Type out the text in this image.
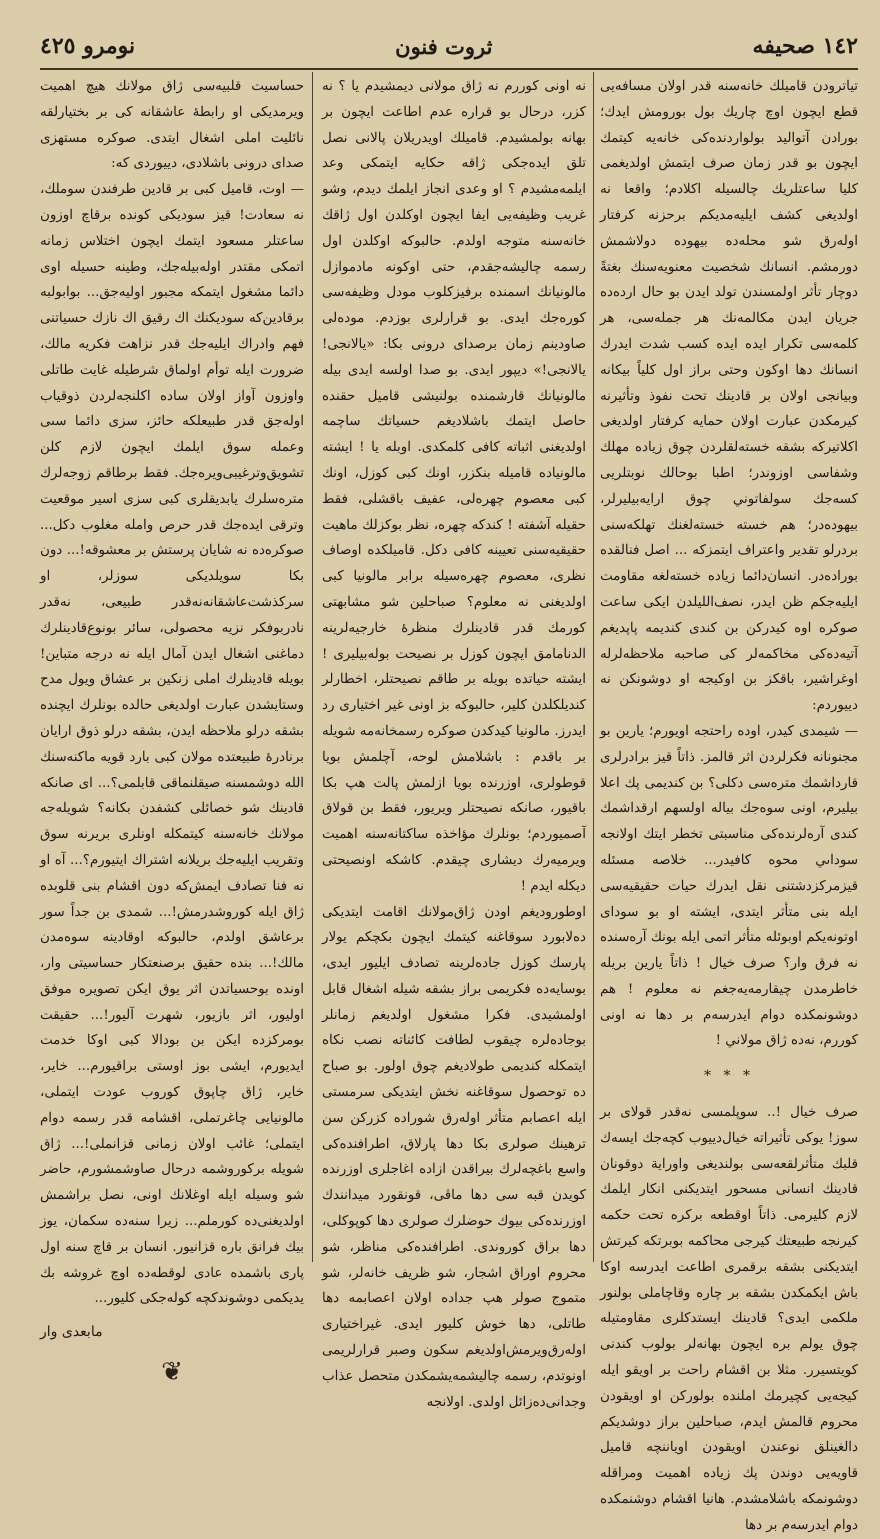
نومرو ٤٢٥	ثروت فنون	١٤٢ صحيفه

تياترودن قاميلك خانه‌سنه قدر اولان مسافه‌يى قطع ايچون اوچ چاريك بول بورومش ايدك؛ بورادن آتواليد بولواردنده‌كى خانه‌يه كيتمك ايچون بو قدر زمان صرف ايتمش اولديغمى كليا ساعتلريك چالسيله اكلادم؛ واقعا نه اولديغى كشف ايليه‌مديكم برحزنه كرفتار اولەرق شو محله‌ده بيهوده دولاشمش دورمشم. انسانك شخصيت معنويه‌سنك بغتةً دوچار تأثر اولمسندن تولد ايدن بو حال ارده‌ده جريان ايدن مكالمه‌نك هر جمله‌سى، هر كلمه‌سى تكرار ايده ايده كسب شدت ايدرك انسانك دها اوكون وحتى براز اول كلياً بيكانه وبيانجى اولان بر قادينك تحت نفوذ وتأثيرنه كيرمكدن عبارت اولان حمايه كرفتار اولديغى اكلاتيرکه بشقه خسته‌لقلردن چوق زياده مهلك وشفاسى اوزوندر؛ اطبا بوحالك نوبتلريى كسه‌جك سولفاتوني چوق ارايه‌بيليرلر، بيهوده‌در؛ هم خسته خسته‌لغنك تهلكه‌سنى بردرلو تقدير واعتراف ايتمزكه ... اصل فنالقده بوراده‌در. انسان‌دائما زياده خسته‌لغه مقاومت ايليه‌جكم ظن ايدر، نصف‌الليلدن ايكى ساعت صوكره اوه كيدركن بن كندى كنديمه پاپديغم آتيه‌ده‌كى مخاكمه‌لر كى صاحبه ملاحظه‌لرله اوغراشير، باقكز بن اوكيجه او دوشونكن نه دييوردم:

— شيمدى كيدر، اوده راحتجه اويورم؛ يارين بو مجنونانه فكرلردن اثر قالمز. ذاتاً قيز برادرلرى قارداشمك مترەسى دكلى؟ بن كنديمى پك اعلا بيليرم، اونى سوه‌جك بياله اولسهم ارقداشمك كندى آرەلرنده‌كى مناسبتى تخطر ايتك اولانجه سوداىي محوه كافيدر... خلاصه مسئله قيزمركزدشتنى نقل ايدرك حيات حقيقيه‌سى ايله بنى متأثر ايتدى، ايشته او بو سوداى اوتونه‌يكم اوبوئله متأثر اتمى ايله بونك آرەسنده نه فرق وار؟ صرف خيال ! ذاتاً يارين بريله خاطرمدن چيقارمه‌يه‌جغم نه معلوم ! هم دوشونمكده دوام ايدرسه‌م بر دها نه اونى كوررم، نه‌ده ژاق مولاني !

* * *

صرف خيال !.. سوپلمسى نه‌قدر قولاى بر سوز! يوكى تأثيراته خيال‌دييوب كچه‌جك ايسه‌ك قلبك متأثرلقعه‌سى بولنديغى واوراية دوقونان قادينك انسانى مسحور ايتديكنى انكار ايلمك لازم كليرمى. ذاتاً اوقطعه بركره تحت حكمه كيرنجه طبيعتك كيرجى محاكمه بوبرتكه كيرتش ايتديكنى بشقه برقمرى اطاعت ايدرسه اوكا باش ايكمكدن بشقه بر چاره وقاچاملى بولنور ملكمى ايدى؟ قادينك ايستدكلرى مقاومتيله چوق يولم بره ايچون بهانه‌لر بولوب كندنى كويتسيرر. مثلا بن اقشام راحت بر اويقو ايله كيجه‌يى كچيرمك املنده بولوركن او اويقودن محروم قالمش ايدم، صباحلين براز دوشديكم دالغينلق نوعندن اويقودن اوياننچه قاميل قاويەيى دوندن پك زياده اهميت ومراقله دوشونمكه باشلامشدم. هانيا اقشام دوشنمكده دوام ايدرسه‌م بر دها

نه اونى كوررم نه ژاق مولانى ديمشيدم يا ؟ نه كزر، درحال بو قراره عدم اطاعت ايچون بر بهانه بولمشيدم. قاميلك اويدريلان پالانى نصل تلق ايده‌جكى ژاقه حكايه ايتمكى وعد ايلمه‌مشيدم ؟ او وعدى انجاز ايلمك ديدم، وشو غريب وظيفه‌يى ايفا ايچون اوكلدن اول ژاقك خانه‌سنه متوجه اولدم. حالبوكه اوكلدن اول رسمه چاليشه‌جقدم، حتى اوكونه مادموازل مالونيانك اسمنده برفيزكلوب مودل وظيفه‌سى كوره‌جك ايدى. بو قرارلرى بوزدم. مودە‌لى صاودينم زمان برصداى درونى بكا: «يالانجى! يالانجى!» ديپور ايدى. بو صدا اولسه ايدى بيله مالونيانك قارشمنده بولنيشى قاميل حقنده حاصل ايتمك باشلاديغم حسياتك ساچمه اولديغنى اثباته كافى كلمكدى. اوبله يا ! ايشته مالونياده قاميله بنكزر، اونك كبى كوزل، اونك كبى معصوم چهره‌لى، عفيف باقشلى، فقط حقيله آشفته ! كندكه چهره، نظر بوكزلك ماهيت حقيقيه‌سنى تعيينه كافى دكل. قاميلكده اوصاف نظرى، معصوم چهره‌سيله برابر مالونيا كبى اولديغنى نه معلوم؟ صباحلين شو مشابهتى كورمك قدر قادينلرك منظرۀ خارجيه‌لرينه الدنامامق ايچون كوزل بر نصيحت بوله‌بيليرى ! ايشته حياتده بويله بر طاقم نصيحتلر، اخطارلر كنديلكلدن كلير، حالبوكه بز اونى غير اختيارى رد ايدرز. مالونيا كيدكدن صوكره رسمخانه‌مه شويله بر باقدم : باشلامش لوحه، آچلمش بويا قوطولرى، اوزرنده بويا ازلمش پالت هپ بكا باقيور، صانكه نصيحتلر ويريور، فقط بن قولاق آصميوردم؛ بونلرك مؤاخذه ساكتانه‌سنه اهميت ويرميه‌رك ديشارى چيقدم. كاشكه اونصيحتى ديكله‌ ايدم !

اوطوروديغم اودن ژاق‌مولانك اقامت ايتديكى دەلابورد سوقاغنه كيتمك ايچون بكچكم يولار پارسك كوزل جادەلرينه تصادف ايليور ايدى، بوسايەده فكريمى براز بشقه شيله اشغال قابل اولمشيدى. فكرا مشغول اولديغم زمانلر بوجاده‌لره چيقوب لطافت كائناته نصب نكاه ايتمكله كنديمى طولاديغم چوق اولور. بو صباح ده توحصول سوقاغنه نخش ايتديكى سرمستى ايله اعصابم متأثر اولەرق شوراده كزركن سن ترهينك صولرى بكا دها پارلاق، اطرافنده‌كى واسع باغچه‌لرك بيراقدن ازاده اغاجلرى اوزرنده كويدن قبه سى دها ماڤى، قونقورد ميدانندك اوزرنده‌كى بيوك حوضلرك صولرى دها كوپوكلى، دها براق كوروندى. اطرافنده‌كى مناظر، شو محروم اوراق اشجار، شو ظريف خانەلر، شو متموج صولر هپ جداده اولان اعصابمه دها طاتلى، دها خوش كليور ايدى. غيراختيارى اولەرق‌ويرمش‌اولديغم سكون وصبر قرارلريمى اونوتدم، رسمه چاليشمه‌يشمكدن متحصل عذاب وجدانى‌ده‌زائل اولدى. اولانجه

حساسيت قلبيه‌سى ژاق مولانك هيچ اهميت ويرمديكى او رابطۀ عاشقانه كى بر بختيارلقه نائليت املى اشغال ايتدى. صوكره مستهزى صداى درونى باشلادى، دييوردى كه:

— اوت، قاميل كبى بر قادين طرفندن سوملك، نه سعادت! قيز سوديكى كونده برقاچ اوزون ساعتلر مسعود ايتمك ايچون اختلاس زمانه اتمكى مقتدر اوله‌بيله‌جك، وطينه حسيله اوى دائما مشغول ايتمكه مجبور اوليه‌جق... بوابولبه برقادين‌كه سوديكنك اك رقيق اك نازك حسياتنى فهم وادراك ايليه‌جك قدر نزاهت فكريه مالك، ضرورت ايله توأم اولماق شرطيله غايت طاتلى واوزون آواز اولان ساده اكلنجه‌لردن ذوقياب اوله‌جق قدر طبيعلكه حائز، سزى دائما سىى وعمله سوق ايلمك ايچون لازم كلن تشويق‌وترغيبى‌ويره‌جك. فقط برطاقم زوجه‌لرك مترەسلرك يابديقلرى كبى سزى اسير موقعيت وترقى ايده‌جك قدر حرص وامله مغلوب دكل... صوكره‌ده نه شايان پرستش بر معشوقه!... دون بكا سويلديكى سوزلر، او سركذشت‌عاشقانه‌نه‌قدر طبيعى، نه‌قدر نادربوفكر نزيه محصولى، سائر بونوع‌قادينلرك دماغنى اشغال ايدن آمال ايله نه درجه متباين! بويله قادينلرك املى زنكين بر عشاق ويول مدح وستايشدن عبارت اولديغى حالده بونلرك ايچنده بشقه درلو ملاحظه ايدن، بشقه درلو ذوق ارايان برنادرۀ طبيعتده مولان كبى بارد قويه ماكنه‌سنك الله دوشمسنه صيقلنماقى قابلمى؟... اى صانكه قادينك شو خصائلى كشفدن بكانه؟ شويله‌جه مولانك خانه‌سنه كيتمكله اونلرى بريرنه سوق وتقريب ايليه‌جك بريلانه اشتراك ايتيورم؟... آه او نه فنا تصادف ايمش‌كه دون اقشام بنى قلوبده ژاق ايله كوروشدرمش!... شمدى بن جداً سور برعاشق اولدم، حالبوكه اوقادينه سوەمدن مالك!... بنده حقيق برصنعتكار حساسيتى وار، اونده بوحسياتدن اثر يوق ايكن تصويره موفق اوليور، اثر بازيور، شهرت آليور!... حقيقت بومركزده ايكن بن بودالا كبى اوكا خدمت ايديورم، ايشى بوز اوستى براقيورم... خاير، خاير، ژاق چاپوق كوروب عودت ايتملى، مالونيايى چاغرتملى، اقشامه قدر رسمه دوام ايتملى؛ غائب اولان زمانى قزانملى!... ژاق شويله بركوروشمه درحال صاوشمشورم، حاضر شو وسيله ايله اوغلانك اونى، نصل براشمش اولديغنى‌ده كورملم... زيرا سنه‌ده سكمان، يوز بيك فرانق باره قزانيور. انسان بر قاچ سنه اول پارى باشمده عادى لوقطه‌ده اوچ غروشه بك يديكمى دوشوندكچه كوله‌جكى كليور...

مابعدى وار
❦
